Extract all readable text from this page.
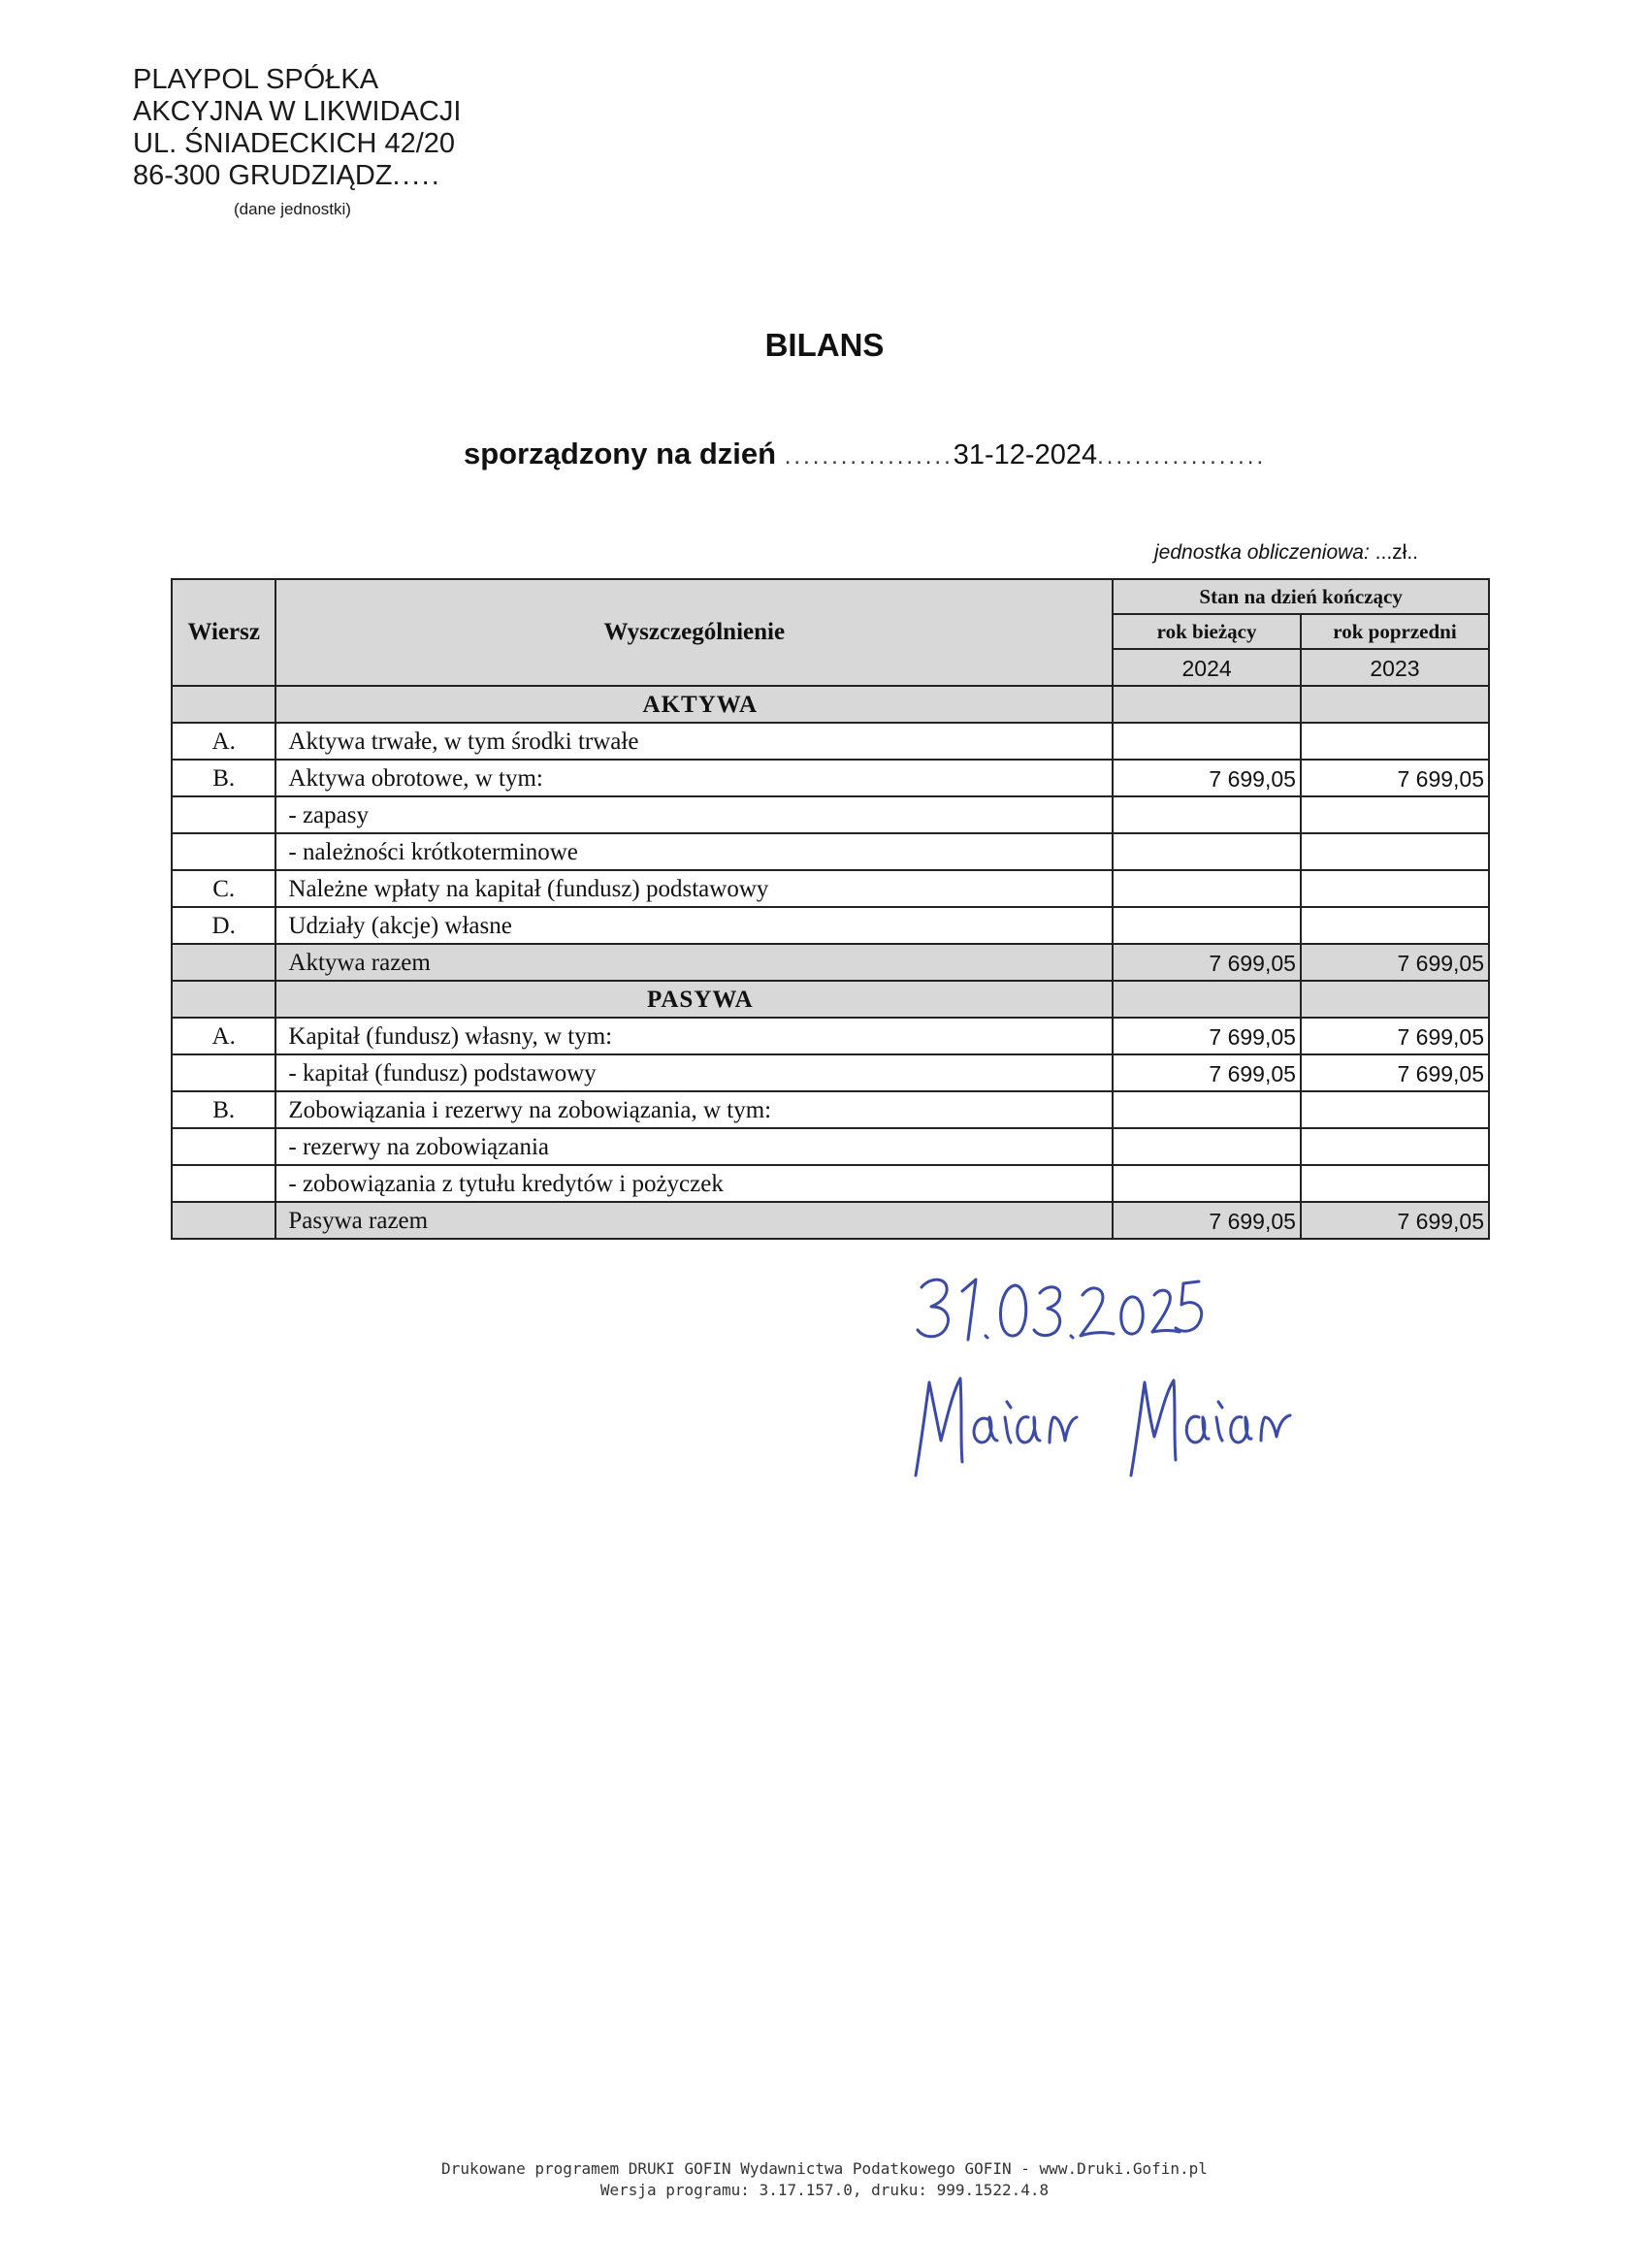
PLAYPOL SPÓŁKA
AKCYJNA W LIKWIDACJI
UL. ŚNIADECKICH 42/20
86-300 GRUDZIĄDZ.....
(dane jednostki)
BILANS
sporządzony na dzień ..................31-12-2024..................
jednostka obliczeniowa: ...zł..
Wiersz	Wyszczególnienie	Stan na dzień kończący	
		rok bieżący	rok poprzedni
		2024	2023
	AKTYWA		
A.	Aktywa trwałe, w tym środki trwałe		
B.	Aktywa obrotowe, w tym:	7 699,05	7 699,05
	- zapasy		
	- należności krótkoterminowe		
C.	Należne wpłaty na kapitał (fundusz) podstawowy		
D.	Udziały (akcje) własne		
	Aktywa razem	7 699,05	7 699,05
	PASYWA		
A.	Kapitał (fundusz) własny, w tym:	7 699,05	7 699,05
	- kapitał (fundusz) podstawowy	7 699,05	7 699,05
B.	Zobowiązania i rezerwy na zobowiązania, w tym:		
	- rezerwy na zobowiązania		
	- zobowiązania z tytułu kredytów i pożyczek		
	Pasywa razem	7 699,05	7 699,05
Drukowane programem DRUKI GOFIN Wydawnictwa Podatkowego GOFIN - www.Druki.Gofin.pl
Wersja programu: 3.17.157.0, druku: 999.1522.4.8
